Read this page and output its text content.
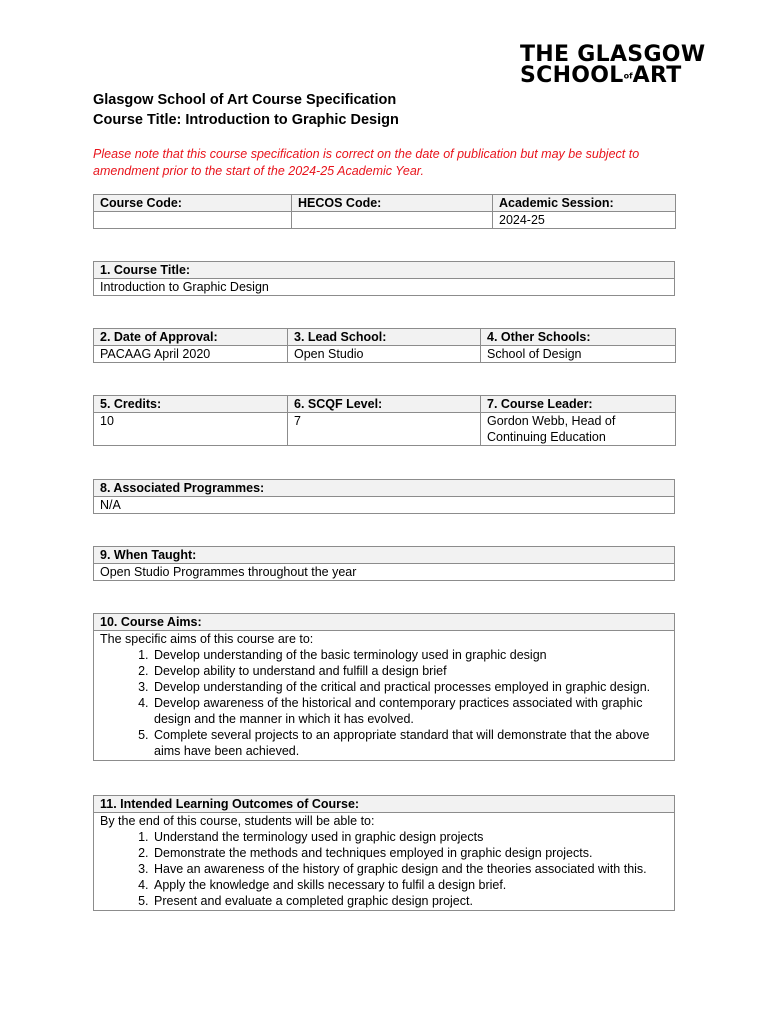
THE GLASGOW
SCHOOLofART
Glasgow School of Art Course Specification
Course Title: Introduction to Graphic Design
Please note that this course specification is correct on the date of publication but may be subject to amendment prior to the start of the 2024-25 Academic Year.
Course Code:	HECOS Code:	Academic Session:
		2024-25
1. Course Title:
Introduction to Graphic Design
2. Date of Approval:	3. Lead School:	4. Other Schools:
PACAAG April 2020	Open Studio	School of Design
5. Credits:	6. SCQF Level:	7. Course Leader:
10	7	Gordon Webb, Head of Continuing Education
8. Associated Programmes:
N/A
9. When Taught:
Open Studio Programmes throughout the year
10. Course Aims:

The specific aims of this course are to:
1. Develop understanding of the basic terminology used in graphic design
2. Develop ability to understand and fulfill a design brief
3. Develop understanding of the critical and practical processes employed in graphic design.
4. Develop awareness of the historical and contemporary practices associated with graphic design and the manner in which it has evolved.
5. Complete several projects to an appropriate standard that will demonstrate that the above aims have been achieved.
11. Intended Learning Outcomes of Course:

By the end of this course, students will be able to:
1. Understand the terminology used in graphic design projects
2. Demonstrate the methods and techniques employed in graphic design projects.
3. Have an awareness of the history of graphic design and the theories associated with this.
4. Apply the knowledge and skills necessary to fulfil a design brief.
5. Present and evaluate a completed graphic design project.
